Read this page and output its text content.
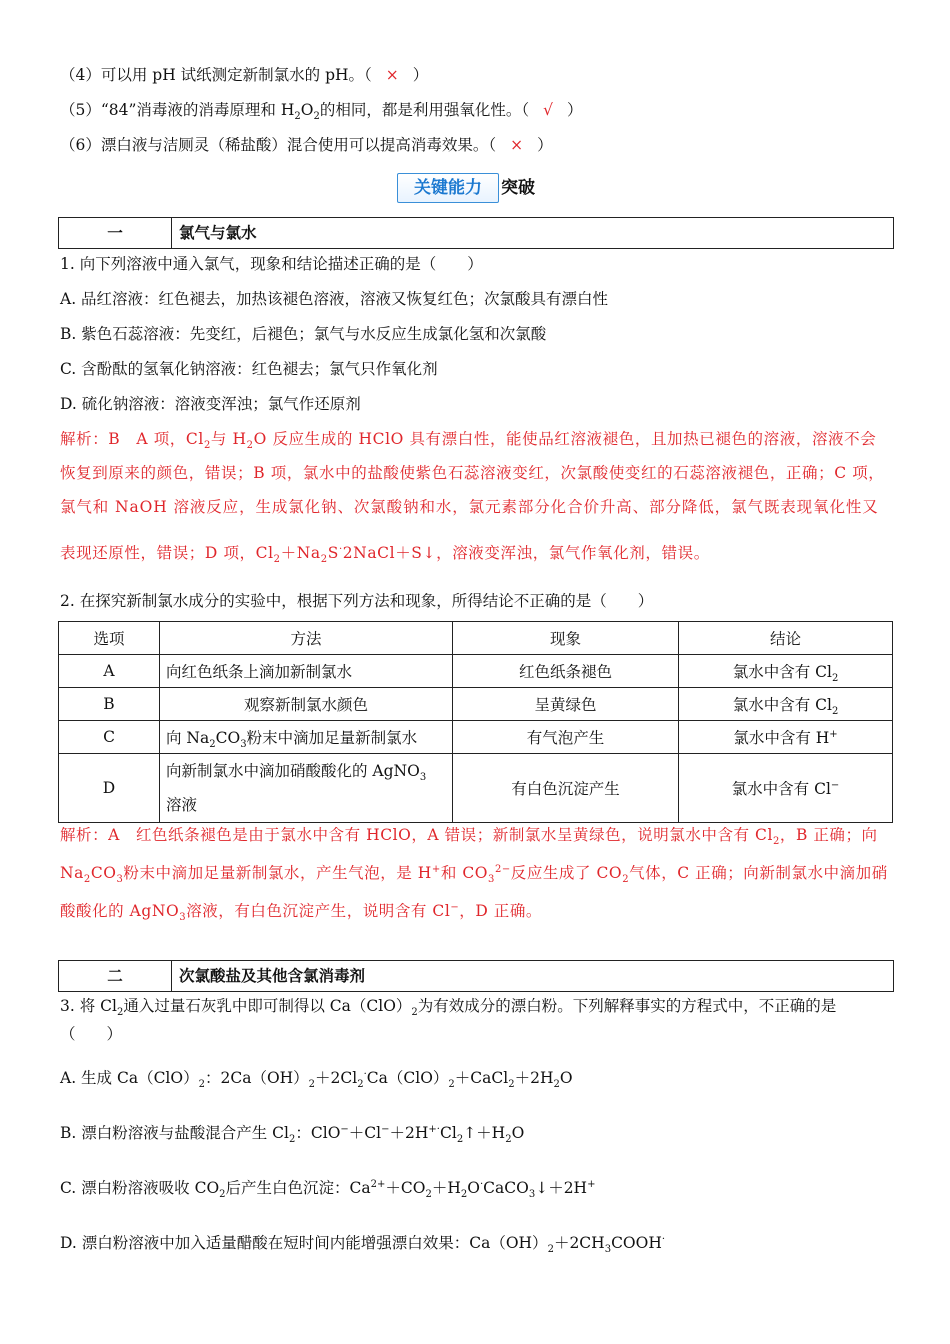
（4）可以用 pH 试纸测定新制氯水的 pH。（ × ）
（5）“84”消毒液的消毒原理和 $H_2O_2$的相同，都是利用强氧化性。（ √ ）
（6）漂白液与洁厕灵（稀盐酸）混合使用可以提高消毒效果。（ × ）
关键能力	突破
一	氯气与氯水
1. 向下列溶液中通入氯气，现象和结论描述正确的是（　　）
A. 品红溶液：红色褪去，加热该褪色溶液，溶液又恢复红色；次氯酸具有漂白性
B. 紫色石蕊溶液：先变红，后褪色；氯气与水反应生成氯化氢和次氯酸
C. 含酚酞的氢氧化钠溶液：红色褪去；氯气只作氧化剂
D. 硫化钠溶液：溶液变浑浊；氯气作还原剂
解析：B　A 项，$Cl_2$与 $H_2O$ 反应生成的 HClO 具有漂白性，能使品红溶液褪色，且加热已褪色的溶液，溶液不会
恢复到原来的颜色，错误；B 项，氯水中的盐酸使紫色石蕊溶液变红，次氯酸使变红的石蕊溶液褪色，正确；C 项，
氯气和 NaOH 溶液反应，生成氯化钠、次氯酸钠和水，氯元素部分化合价升高、部分降低，氯气既表现氧化性又
表现还原性，错误；D 项，$Cl_2+Na_2S^\cdot 2NaCl+S↓$，溶液变浑浊，氯气作氧化剂，错误。
2. 在探究新制氯水成分的实验中，根据下列方法和现象，所得结论不正确的是（　　）
选项	方法	现象	结论
A	向红色纸条上滴加新制氯水	红色纸条褪色	氯水中含有 $Cl_2$
B	观察新制氯水颜色	呈黄绿色	氯水中含有 $Cl_2$
C	向 $Na_2CO_3$粉末中滴加足量新制氯水	有气泡产生	氯水中含有 H+
D	向新制氯水中滴加硝酸酸化的 AgNO$_3$
溶液	有白色沉淀产生	氯水中含有 Cl−
解析：A　红色纸条褪色是由于氯水中含有 HClO，A 错误；新制氯水呈黄绿色，说明氯水中含有 $Cl_2$，B 正确；向
$Na_2CO_3$粉末中滴加足量新制氯水，产生气泡，是 H+和 $CO_3^{2-}$反应生成了 $CO_2$气体，C 正确；向新制氯水中滴加硝
酸酸化的 AgNO$_3$溶液，有白色沉淀产生，说明含有 Cl−，D 正确。
二	次氯酸盐及其他含氯消毒剂
3. 将 $Cl_2$通入过量石灰乳中即可制得以 $Ca(ClO)_2$为有效成分的漂白粉。下列解释事实的方程式中，不正确的是
（　　）
A. 生成 $Ca(ClO)_2$：$2Ca(OH)_2+2Cl_2^\cdot Ca(ClO)_2+CaCl_2+2H_2O$
B. 漂白粉溶液与盐酸混合产生 $Cl_2$：$ClO^-+Cl^-+2H^{+\cdot}Cl_2↑+H_2O$
C. 漂白粉溶液吸收 $CO_2$后产生白色沉淀：$Ca^{2+}+CO_2+H_2O^\cdot CaCO_3↓+2H^+$
D. 漂白粉溶液中加入适量醋酸在短时间内能增强漂白效果：$Ca(OH)_2+2CH_3COOH^\cdot$
